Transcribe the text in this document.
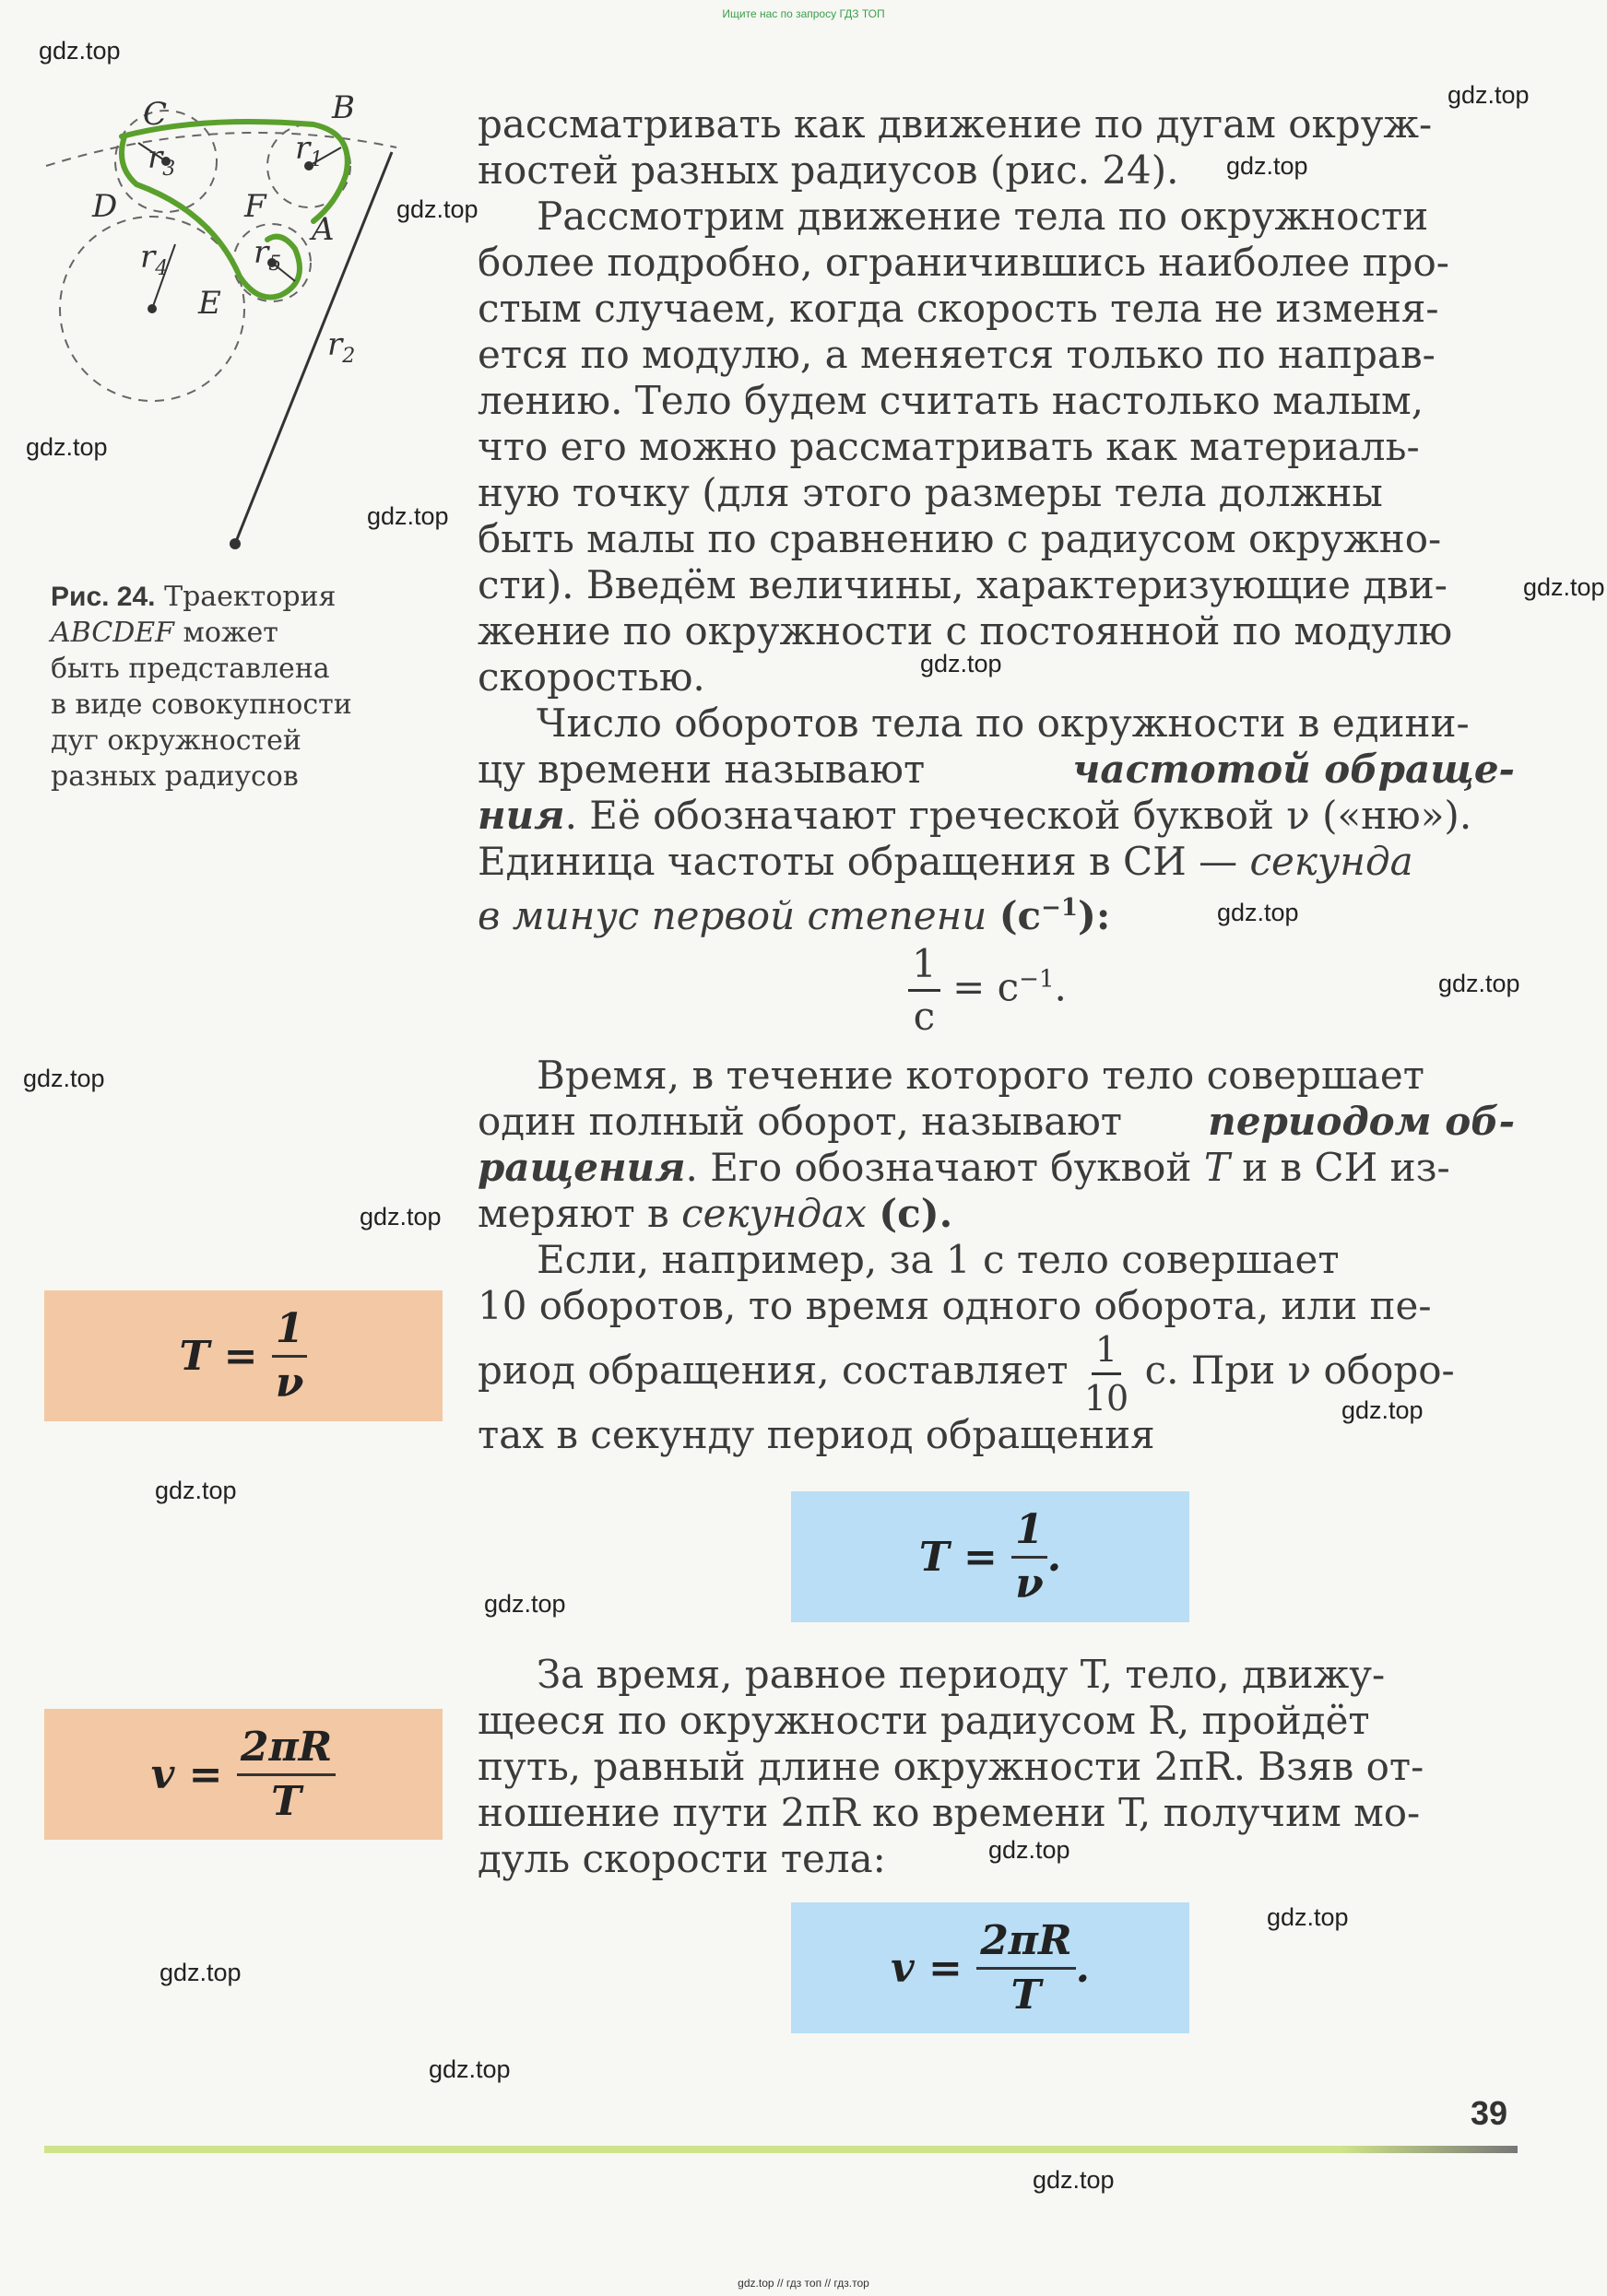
Ищите нас по запросу ГДЗ ТОП
C	B
D	F
A
E
$r_3$
$r_1$
$r_4$	$r_5$
$r_2$
Рис. 24. Траектория
ABCDEF может
быть представлена
в виде совокупности
дуг окружностей
разных радиусов
рассматривать как движение по дугам окруж-
ностей разных радиусов (рис. 24).
Рассмотрим движение тела по окружности
более подробно, ограничившись наиболее про-
стым случаем, когда скорость тела не изменя-
ется по модулю, а меняется только по направ-
лению. Тело будем считать настолько малым,
что его можно рассматривать как материаль-
ную точку (для этого размеры тела должны
быть малы по сравнению с радиусом окружно-
сти). Введём величины, характеризующие дви-
жение по окружности с постоянной по модулю
скоростью.
Число оборотов тела по окружности в едини-
цу времени называют	частотой обраще-
ния. Её обозначают греческой буквой ν («ню»).
Единица частоты обращения в СИ — секунда
в минус первой степени $(с^{-1})$:
$\frac{1}{с} = с^{-1}$.
Время, в течение которого тело совершает
один полный оборот, называют периодом об-
ращения. Его обозначают буквой T и в СИ из-
меряют в секундах (с).
Если, например, за 1 с тело совершает
10 оборотов, то время одного оборота, или пе-
риод обращения, составляет $\frac{1}{10} с$. При ν оборо-
тах в секунду период обращения
T =
$\frac{1}{\nu}$ .
За время, равное периоду T, тело, движу-
щееся по окружности радиусом R, пройдёт
путь, равный длине окружности 2πR. Взяв от-
ношение пути 2πR ко времени T, получим мо-
дуль скорости тела:
v =
$\frac{2\pi R}{T}$ .
T =
$\frac{1}{\nu}$
v =
$\frac{2\pi R}{T}$
39
gdz.top
gdz.top
gdz.top
gdz.top
gdz.top
gdz.top
gdz.top
gdz.top
gdz.top
gdz.top
gdz.top
gdz.top
gdz.top
gdz.top
gdz.top
gdz.top
gdz.top
gdz.top
gdz.top
gdz.top
gdz.top // гдз топ // гдз.тор
